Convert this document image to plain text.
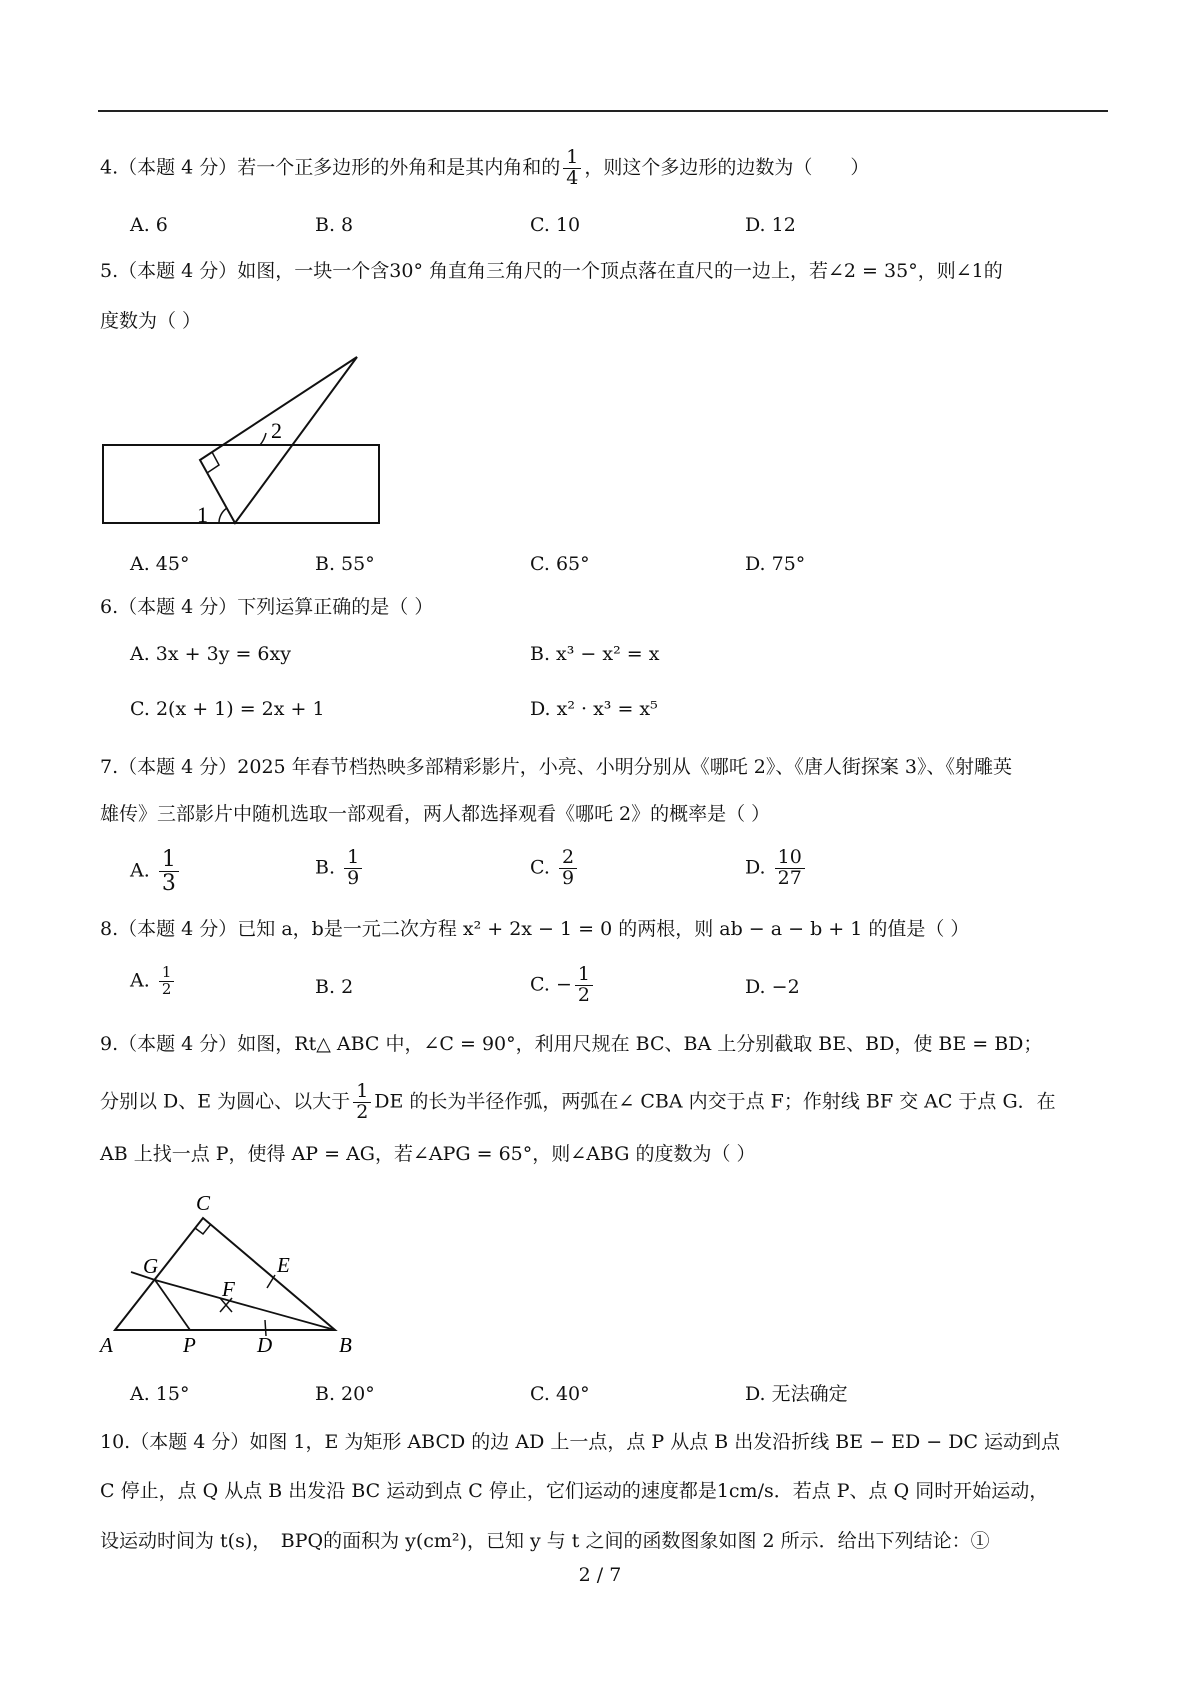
4.（本题 4 分）若一个正多边形的外角和是其内角和的 $\frac{1}{4}$ ，则这个多边形的边数为（　　）
A. 6	B. 8	C. 10	D. 12
5.（本题 4 分）如图，一块一个含30° 角直角三角尺的一个顶点落在直尺的一边上，若∠2 = 35°，则∠1的
度数为（ ）
2
1
A. 45°	B. 55°	C. 65°	D. 75°
6.（本题 4 分）下列运算正确的是（ ）
A. 3x + 3y = 6xy	B. x³ − x² = x
C. 2(x + 1) = 2x + 1	D. x² · x³ = x⁵
7.（本题 4 分）2025 年春节档热映多部精彩影片，小亮、小明分别从《哪吒 2》、《唐人街探案 3》、《射雕英
雄传》三部影片中随机选取一部观看，两人都选择观看《哪吒 2》的概率是（ ）
A. $\frac{1}{3}$	B. $\frac{1}{9}$	C. $\frac{2}{9}$	D. $\frac{10}{27}$
8.（本题 4 分）已知 a，b是一元二次方程 x² + 2x − 1 = 0 的两根，则 ab − a − b + 1 的值是（ ）
A. $\frac{1}{2}$	B. 2	C. − $\frac{1}{2}$	D. −2
9.（本题 4 分）如图，Rt△ ABC 中，∠C = 90°，利用尺规在 BC、BA 上分别截取 BE、BD，使 BE = BD；
分别以 D、E 为圆心、以大于 $\frac{1}{2}$ DE 的长为半径作弧，两弧在∠ CBA 内交于点 F；作射线 BF 交 AC 于点 G．在
AB 上找一点 P，使得 AP = AG，若∠APG = 65°，则∠ABG 的度数为（ ）
C
G	E
F
A	P	D	B
A. 15°	B. 20°	C. 40°	D. 无法确定
10.（本题 4 分）如图 1，E 为矩形 ABCD 的边 AD 上一点，点 P 从点 B 出发沿折线 BE − ED − DC 运动到点
C 停止，点 Q 从点 B 出发沿 BC 运动到点 C 停止，它们运动的速度都是1cm/s．若点 P、点 Q 同时开始运动，
设运动时间为 t(s)，　BPQ的面积为 y(cm²)，已知 y 与 t 之间的函数图象如图 2 所示．给出下列结论：①
2 / 7
